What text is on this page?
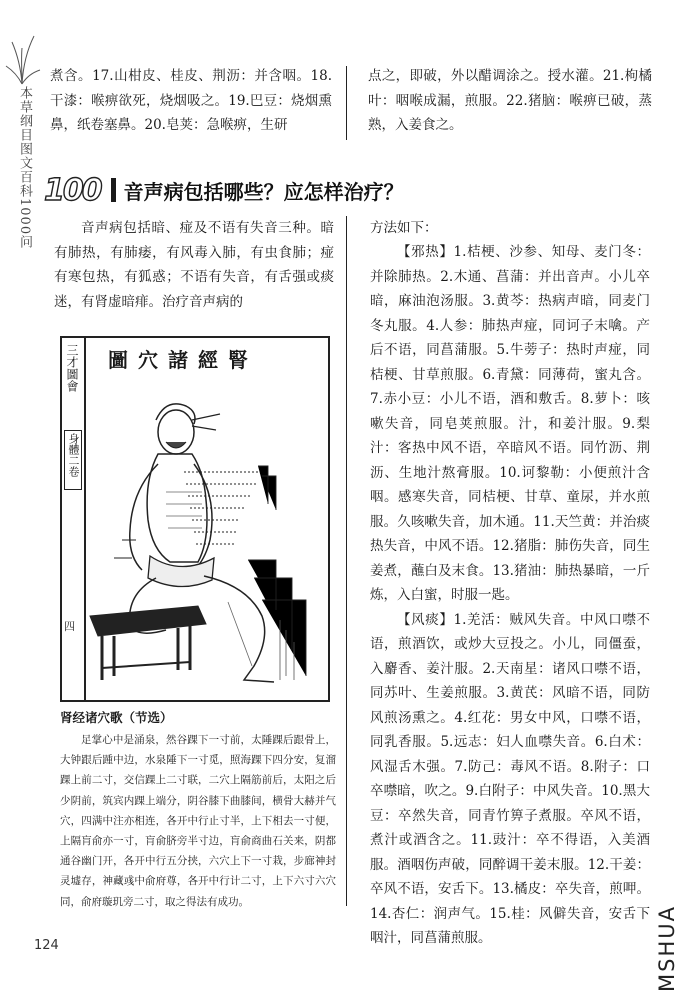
本草纲目图文百科1000问

煮含。17.山柑皮、桂皮、荆沥：并含咽。18.干漆：喉痹欲死，烧烟吸之。19.巴豆：烧烟熏鼻，纸卷塞鼻。20.皂荚：急喉痹，生研

点之，即破，外以醋调涂之。授水灌。21.枸橘叶：咽喉成漏，煎服。22.猪脑：喉痹已破，蒸熟，入姜食之。

100 音声病包括哪些？应怎样治疗？

音声病包括暗、痖及不语有失音三种。暗有肺热，有肺痿，有风毒入肺，有虫食肺；痖有寒包热，有狐惑；不语有失音，有舌强或痰迷，有肾虚暗痱。治疗音声病的

三才圖會
身體二卷
四
圖穴諸經腎
肾经诸穴歌（节选）

足掌心中是涌泉，然谷踝下一寸前，太陲踝后跟骨上，大钟跟后踵中边，水泉陲下一寸觅，照海踝下四分安，复溜踝上前二寸，交信踝上二寸联，二穴上隔筋前后，太阳之后少阴前，筑宾内踝上端分，阴谷膝下曲膝间，横骨大赫并气穴，四满中注亦相连，各开中行止寸半，上下相去一寸便，上隔肓俞亦一寸，肓俞脐旁半寸边，肓俞商曲石关来，阴都通谷幽门开，各开中行五分挟，六穴上下一寸栽，步廊神封灵墟存，神藏彧中俞府尊，各开中行计二寸，上下六寸六穴同，俞府璇玑旁二寸，取之得法有成功。

方法如下：

【邪热】1.桔梗、沙参、知母、麦门冬：并除肺热。2.木通、菖蒲：并出音声。小儿卒暗，麻油泡汤服。3.黄芩：热病声暗，同麦门冬丸服。4.人参：肺热声痖，同诃子末噙。产后不语，同菖蒲服。5.牛蒡子：热时声痖，同桔梗、甘草煎服。6.青黛：同薄荷，蜜丸含。7.赤小豆：小儿不语，酒和敷舌。8.萝卜：咳嗽失音，同皂荚煎服。汁，和姜汁服。9.梨汁：客热中风不语，卒暗风不语。同竹沥、荆沥、生地汁熬膏服。10.诃黎勒：小便煎汁含咽。感寒失音，同桔梗、甘草、童尿，并水煎服。久咳嗽失音，加木通。11.天竺黄：并治痰热失音，中风不语。12.猪脂：肺伤失音，同生姜煮，蘸白及末食。13.猪油：肺热暴暗，一斤炼，入白蜜，时服一匙。

【风痰】1.羌活：贼风失音。中风口噤不语，煎酒饮，或炒大豆投之。小儿，同僵蚕，入麝香、姜汁服。2.天南星：诸风口噤不语，同苏叶、生姜煎服。3.黄芪：风暗不语，同防风煎汤熏之。4.红花：男女中风，口噤不语，同乳香服。5.远志：妇人血噤失音。6.白术：风湿舌木强。7.防己：毒风不语。8.附子：口卒噤暗，吹之。9.白附子：中风失音。10.黑大豆：卒然失音，同青竹箅子煮服。卒风不语，煮汁或酒含之。11.豉汁：卒不得语，入美酒服。酒咽伤声破，同醉调干姜末服。12.干姜：卒风不语，安舌下。13.橘皮：卒失音，煎呷。14.杏仁：润声气。15.桂：风僻失音，安舌下咽汁，同菖蒲煎服。

124	MSHUA
